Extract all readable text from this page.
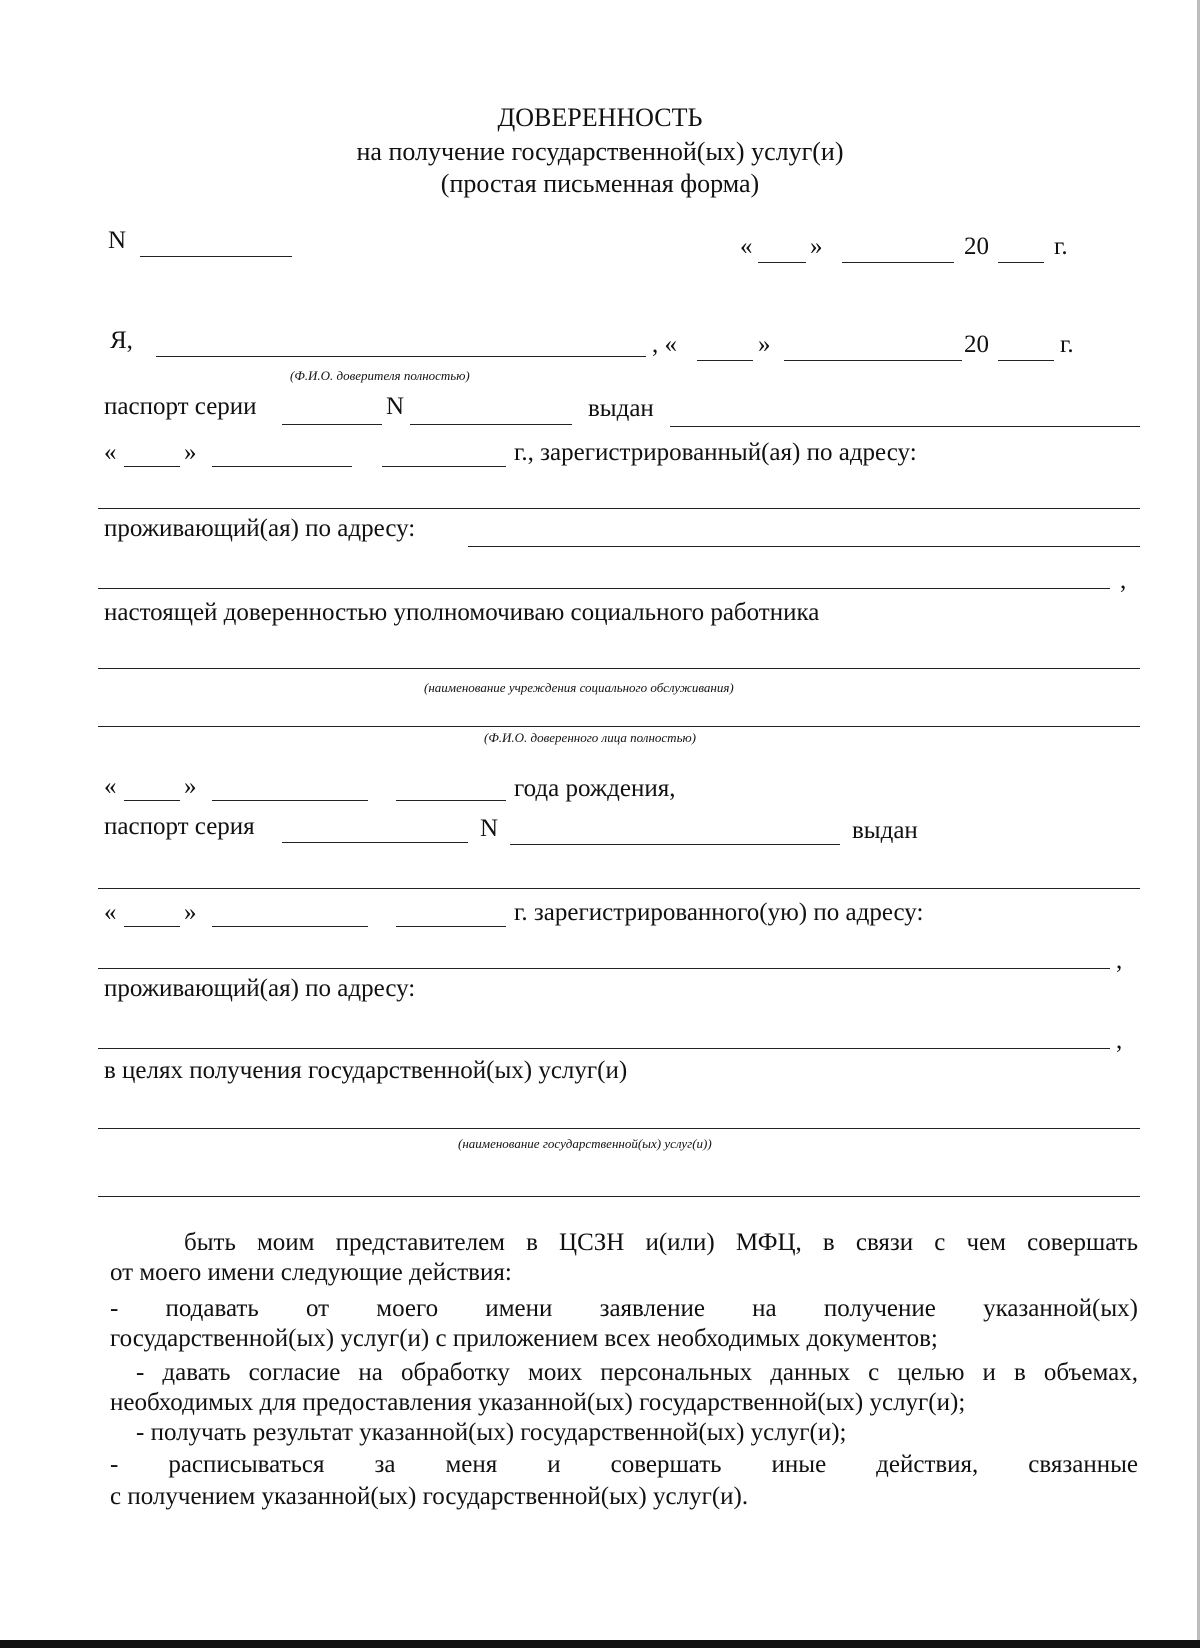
ДОВЕРЕННОСТЬ
на получение государственной(ых) услуг(и)
(простая письменная форма)
N	« »	20	г.
Я,	, «	»	20	г.
(Ф.И.О. доверителя полностью)
паспорт серии	N	выдан
«	»	г., зарегистрированный(ая) по адресу:
проживающий(ая) по адресу:
,
настоящей доверенностью уполномочиваю социального работника
(наименование учреждения социального обслуживания)
(Ф.И.О. доверенного лица полностью)
«	»	года рождения,
паспорт серия	N	выдан
«	»	г. зарегистрированного(ую) по адресу:
,
проживающий(ая) по адресу:
,
в целях получения государственной(ых) услуг(и)
(наименование государственной(ых) услуг(и))
быть моим представителем в ЦСЗН и(или) МФЦ, в связи с чем совершать
от моего имени следующие действия:
- подавать от моего имени заявление на получение указанной(ых)
государственной(ых) услуг(и) с приложением всех необходимых документов;
- давать согласие на обработку моих персональных данных с целью и в объемах,
необходимых для предоставления указанной(ых) государственной(ых) услуг(и);
- получать результат указанной(ых) государственной(ых) услуг(и);
- расписываться за меня и совершать иные действия, связанные
с получением указанной(ых) государственной(ых) услуг(и).
